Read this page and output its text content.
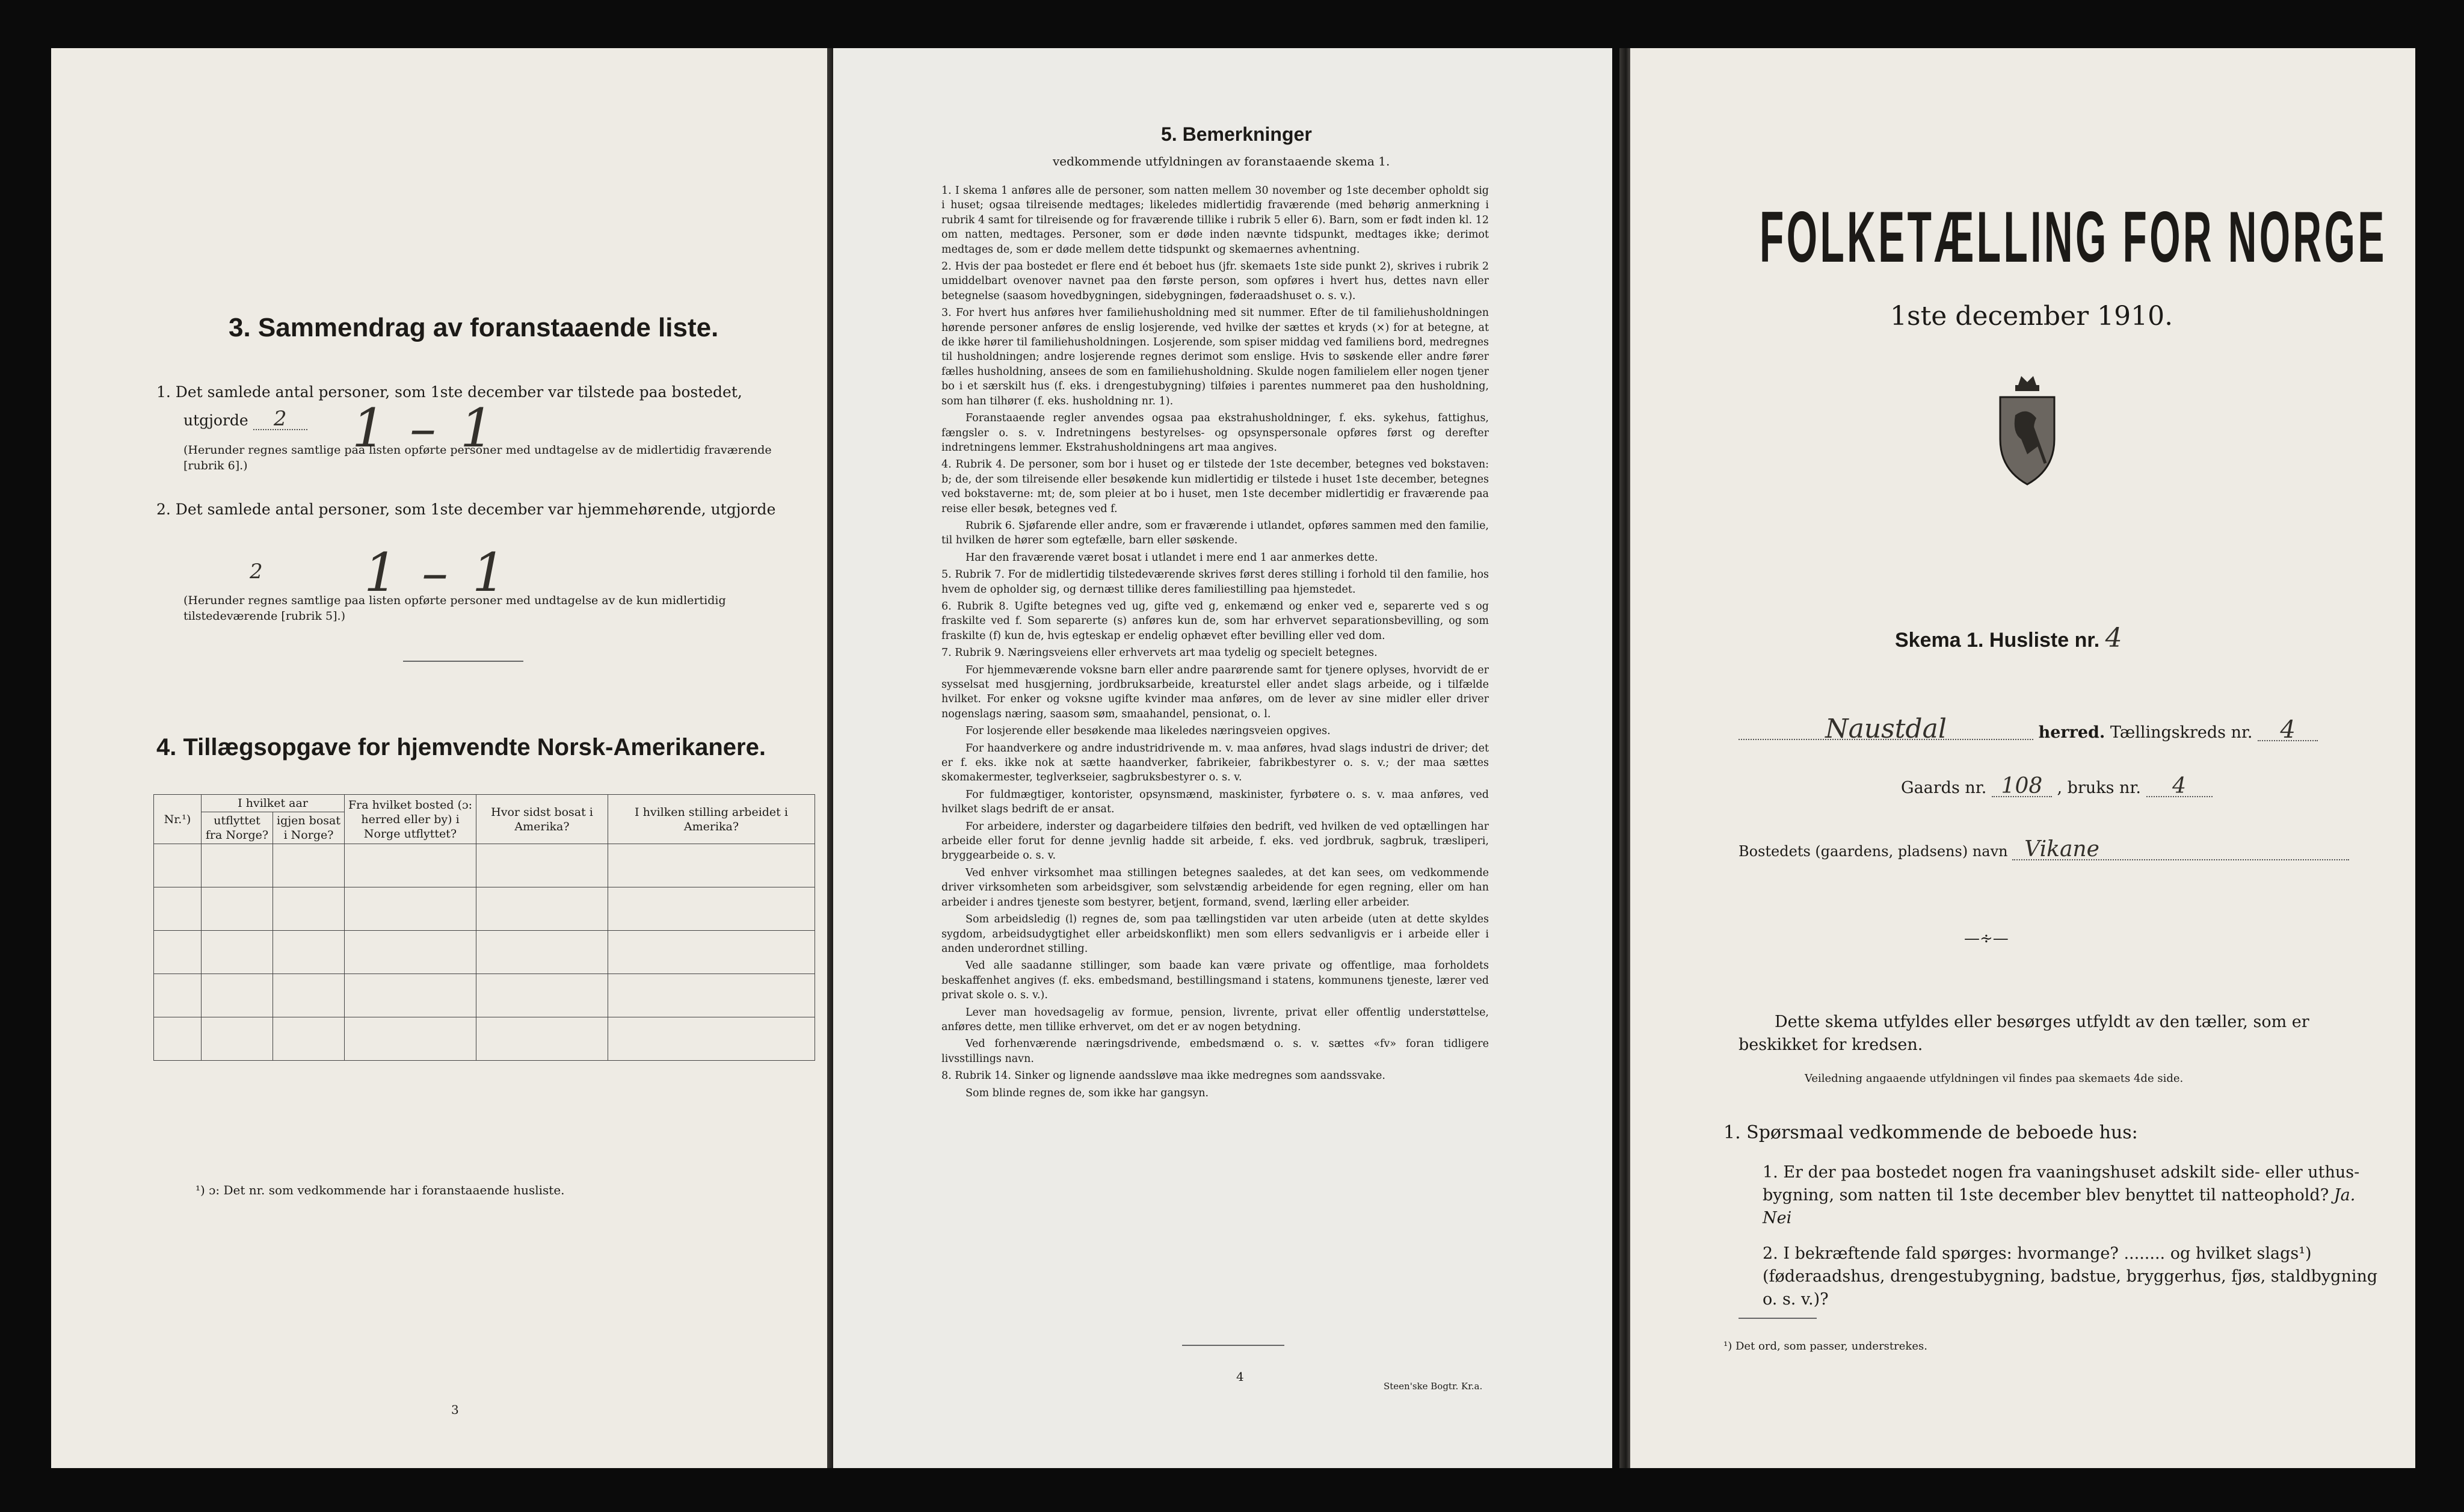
3. Sammendrag av foranstaaende liste.
1. Det samlede antal personer, som 1ste december var tilstede paa bostedet,
utgjorde 2	1 – 1
(Herunder regnes samtlige paa listen opførte personer med undtagelse av de midlertidig fraværende [rubrik 6].)
2. Det samlede antal personer, som 1ste december var hjemmehørende, utgjorde
2 1 – 1
(Herunder regnes samtlige paa listen opførte personer med undtagelse av de kun midlertidig tilstedeværende [rubrik 5].)
4. Tillægsopgave for hjemvendte Norsk-Amerikanere.
Nr.¹)	I hvilket aar		Fra hvilket bosted (ɔ: herred eller by) i Norge utflyttet?	Hvor sidst bosat i Amerika?	I hvilken stilling arbeidet i Amerika?
	utflyttet fra Norge?	igjen bosat i Norge?			

¹) ɔ: Det nr. som vedkommende har i foranstaaende husliste.
3
5. Bemerkninger
vedkommende utfyldningen av foranstaaende skema 1.
1. I skema 1 anføres alle de personer, som natten mellem 30 november og 1ste december opholdt sig i huset; ogsaa tilreisende medtages; likeledes midlertidig fraværende (med behørig anmerkning i rubrik 4 samt for tilreisende og for fraværende tillike i rubrik 5 eller 6). Barn, som er født inden kl. 12 om natten, medtages. Personer, som er døde inden nævnte tidspunkt, medtages ikke; derimot medtages de, som er døde mellem dette tidspunkt og skemaernes avhentning.
2. Hvis der paa bostedet er flere end ét beboet hus (jfr. skemaets 1ste side punkt 2), skrives i rubrik 2 umiddelbart ovenover navnet paa den første person, som opføres i hvert hus, dettes navn eller betegnelse (saasom hovedbygningen, sidebygningen, føderaadshuset o. s. v.).
3. For hvert hus anføres hver familiehusholdning med sit nummer. Efter de til familiehusholdningen hørende personer anføres de enslig losjerende, ved hvilke der sættes et kryds (×) for at betegne, at de ikke hører til familiehusholdningen. Losjerende, som spiser middag ved familiens bord, medregnes til husholdningen; andre losjerende regnes derimot som enslige. Hvis to søskende eller andre fører fælles husholdning, ansees de som en familiehusholdning. Skulde nogen familielem eller nogen tjener bo i et særskilt hus (f. eks. i drengestubygning) tilføies i parentes nummeret paa den husholdning, som han tilhører (f. eks. husholdning nr. 1).
Foranstaaende regler anvendes ogsaa paa ekstrahusholdninger, f. eks. sykehus, fattighus, fængsler o. s. v. Indretningens bestyrelses- og opsynspersonale opføres først og derefter indretningens lemmer. Ekstrahusholdningens art maa angives.
4. Rubrik 4. De personer, som bor i huset og er tilstede der 1ste december, betegnes ved bokstaven: b; de, der som tilreisende eller besøkende kun midlertidig er tilstede i huset 1ste december, betegnes ved bokstaverne: mt; de, som pleier at bo i huset, men 1ste december midlertidig er fraværende paa reise eller besøk, betegnes ved f.
Rubrik 6. Sjøfarende eller andre, som er fraværende i utlandet, opføres sammen med den familie, til hvilken de hører som egtefælle, barn eller søskende.
Har den fraværende været bosat i utlandet i mere end 1 aar anmerkes dette.
5. Rubrik 7. For de midlertidig tilstedeværende skrives først deres stilling i forhold til den familie, hos hvem de opholder sig, og dernæst tillike deres familiestilling paa hjemstedet.
6. Rubrik 8. Ugifte betegnes ved ug, gifte ved g, enkemænd og enker ved e, separerte ved s og fraskilte ved f. Som separerte (s) anføres kun de, som har erhvervet separationsbevilling, og som fraskilte (f) kun de, hvis egteskap er endelig ophævet efter bevilling eller ved dom.
7. Rubrik 9. Næringsveiens eller erhvervets art maa tydelig og specielt betegnes.
For hjemmeværende voksne barn eller andre paarørende samt for tjenere oplyses, hvorvidt de er sysselsat med husgjerning, jordbruksarbeide, kreaturstel eller andet slags arbeide, og i tilfælde hvilket. For enker og voksne ugifte kvinder maa anføres, om de lever av sine midler eller driver nogenslags næring, saasom søm, smaahandel, pensionat, o. l.
For losjerende eller besøkende maa likeledes næringsveien opgives.
For haandverkere og andre industridrivende m. v. maa anføres, hvad slags industri de driver; det er f. eks. ikke nok at sætte haandverker, fabrikeier, fabrikbestyrer o. s. v.; der maa sættes skomakermester, teglverkseier, sagbruksbestyrer o. s. v.
For fuldmægtiger, kontorister, opsynsmænd, maskinister, fyrbøtere o. s. v. maa anføres, ved hvilket slags bedrift de er ansat.
For arbeidere, inderster og dagarbeidere tilføies den bedrift, ved hvilken de ved optællingen har arbeide eller forut for denne jevnlig hadde sit arbeide, f. eks. ved jordbruk, sagbruk, træsliperi, bryggearbeide o. s. v.
Ved enhver virksomhet maa stillingen betegnes saaledes, at det kan sees, om vedkommende driver virksomheten som arbeidsgiver, som selvstændig arbeidende for egen regning, eller om han arbeider i andres tjeneste som bestyrer, betjent, formand, svend, lærling eller arbeider.
Som arbeidsledig (l) regnes de, som paa tællingstiden var uten arbeide (uten at dette skyldes sygdom, arbeidsudygtighet eller arbeidskonflikt) men som ellers sedvanligvis er i arbeide eller i anden underordnet stilling.
Ved alle saadanne stillinger, som baade kan være private og offentlige, maa forholdets beskaffenhet angives (f. eks. embedsmand, bestillingsmand i statens, kommunens tjeneste, lærer ved privat skole o. s. v.).
Lever man hovedsagelig av formue, pension, livrente, privat eller offentlig understøttelse, anføres dette, men tillike erhvervet, om det er av nogen betydning.
Ved forhenværende næringsdrivende, embedsmænd o. s. v. sættes «fv» foran tidligere livsstillings navn.
8. Rubrik 14. Sinker og lignende aandssløve maa ikke medregnes som aandssvake.
Som blinde regnes de, som ikke har gangsyn.
4
Steen'ske Bogtr. Kr.a.
FOLKETÆLLING FOR NORGE
1ste december 1910.
Skema 1. Husliste nr. 4
Naustdal	herred. Tællingskreds nr. 4
Gaards nr. 108 , bruks nr. 4
Bostedets (gaardens, pladsens) navn Vikane
—∻—
Dette skema utfyldes eller besørges utfyldt av den tæller, som er beskikket for kredsen.
Veiledning angaaende utfyldningen vil findes paa skemaets 4de side.
1. Spørsmaal vedkommende de beboede hus:
1. Er der paa bostedet nogen fra vaaningshuset adskilt side- eller uthus-bygning, som natten til 1ste december blev benyttet til natteophold? Ja. Nei
2. I bekræftende fald spørges: hvormange? ........ og hvilket slags¹) (føderaadshus, drengestubygning, badstue, bryggerhus, fjøs, staldbygning o. s. v.)?
¹) Det ord, som passer, understrekes.
